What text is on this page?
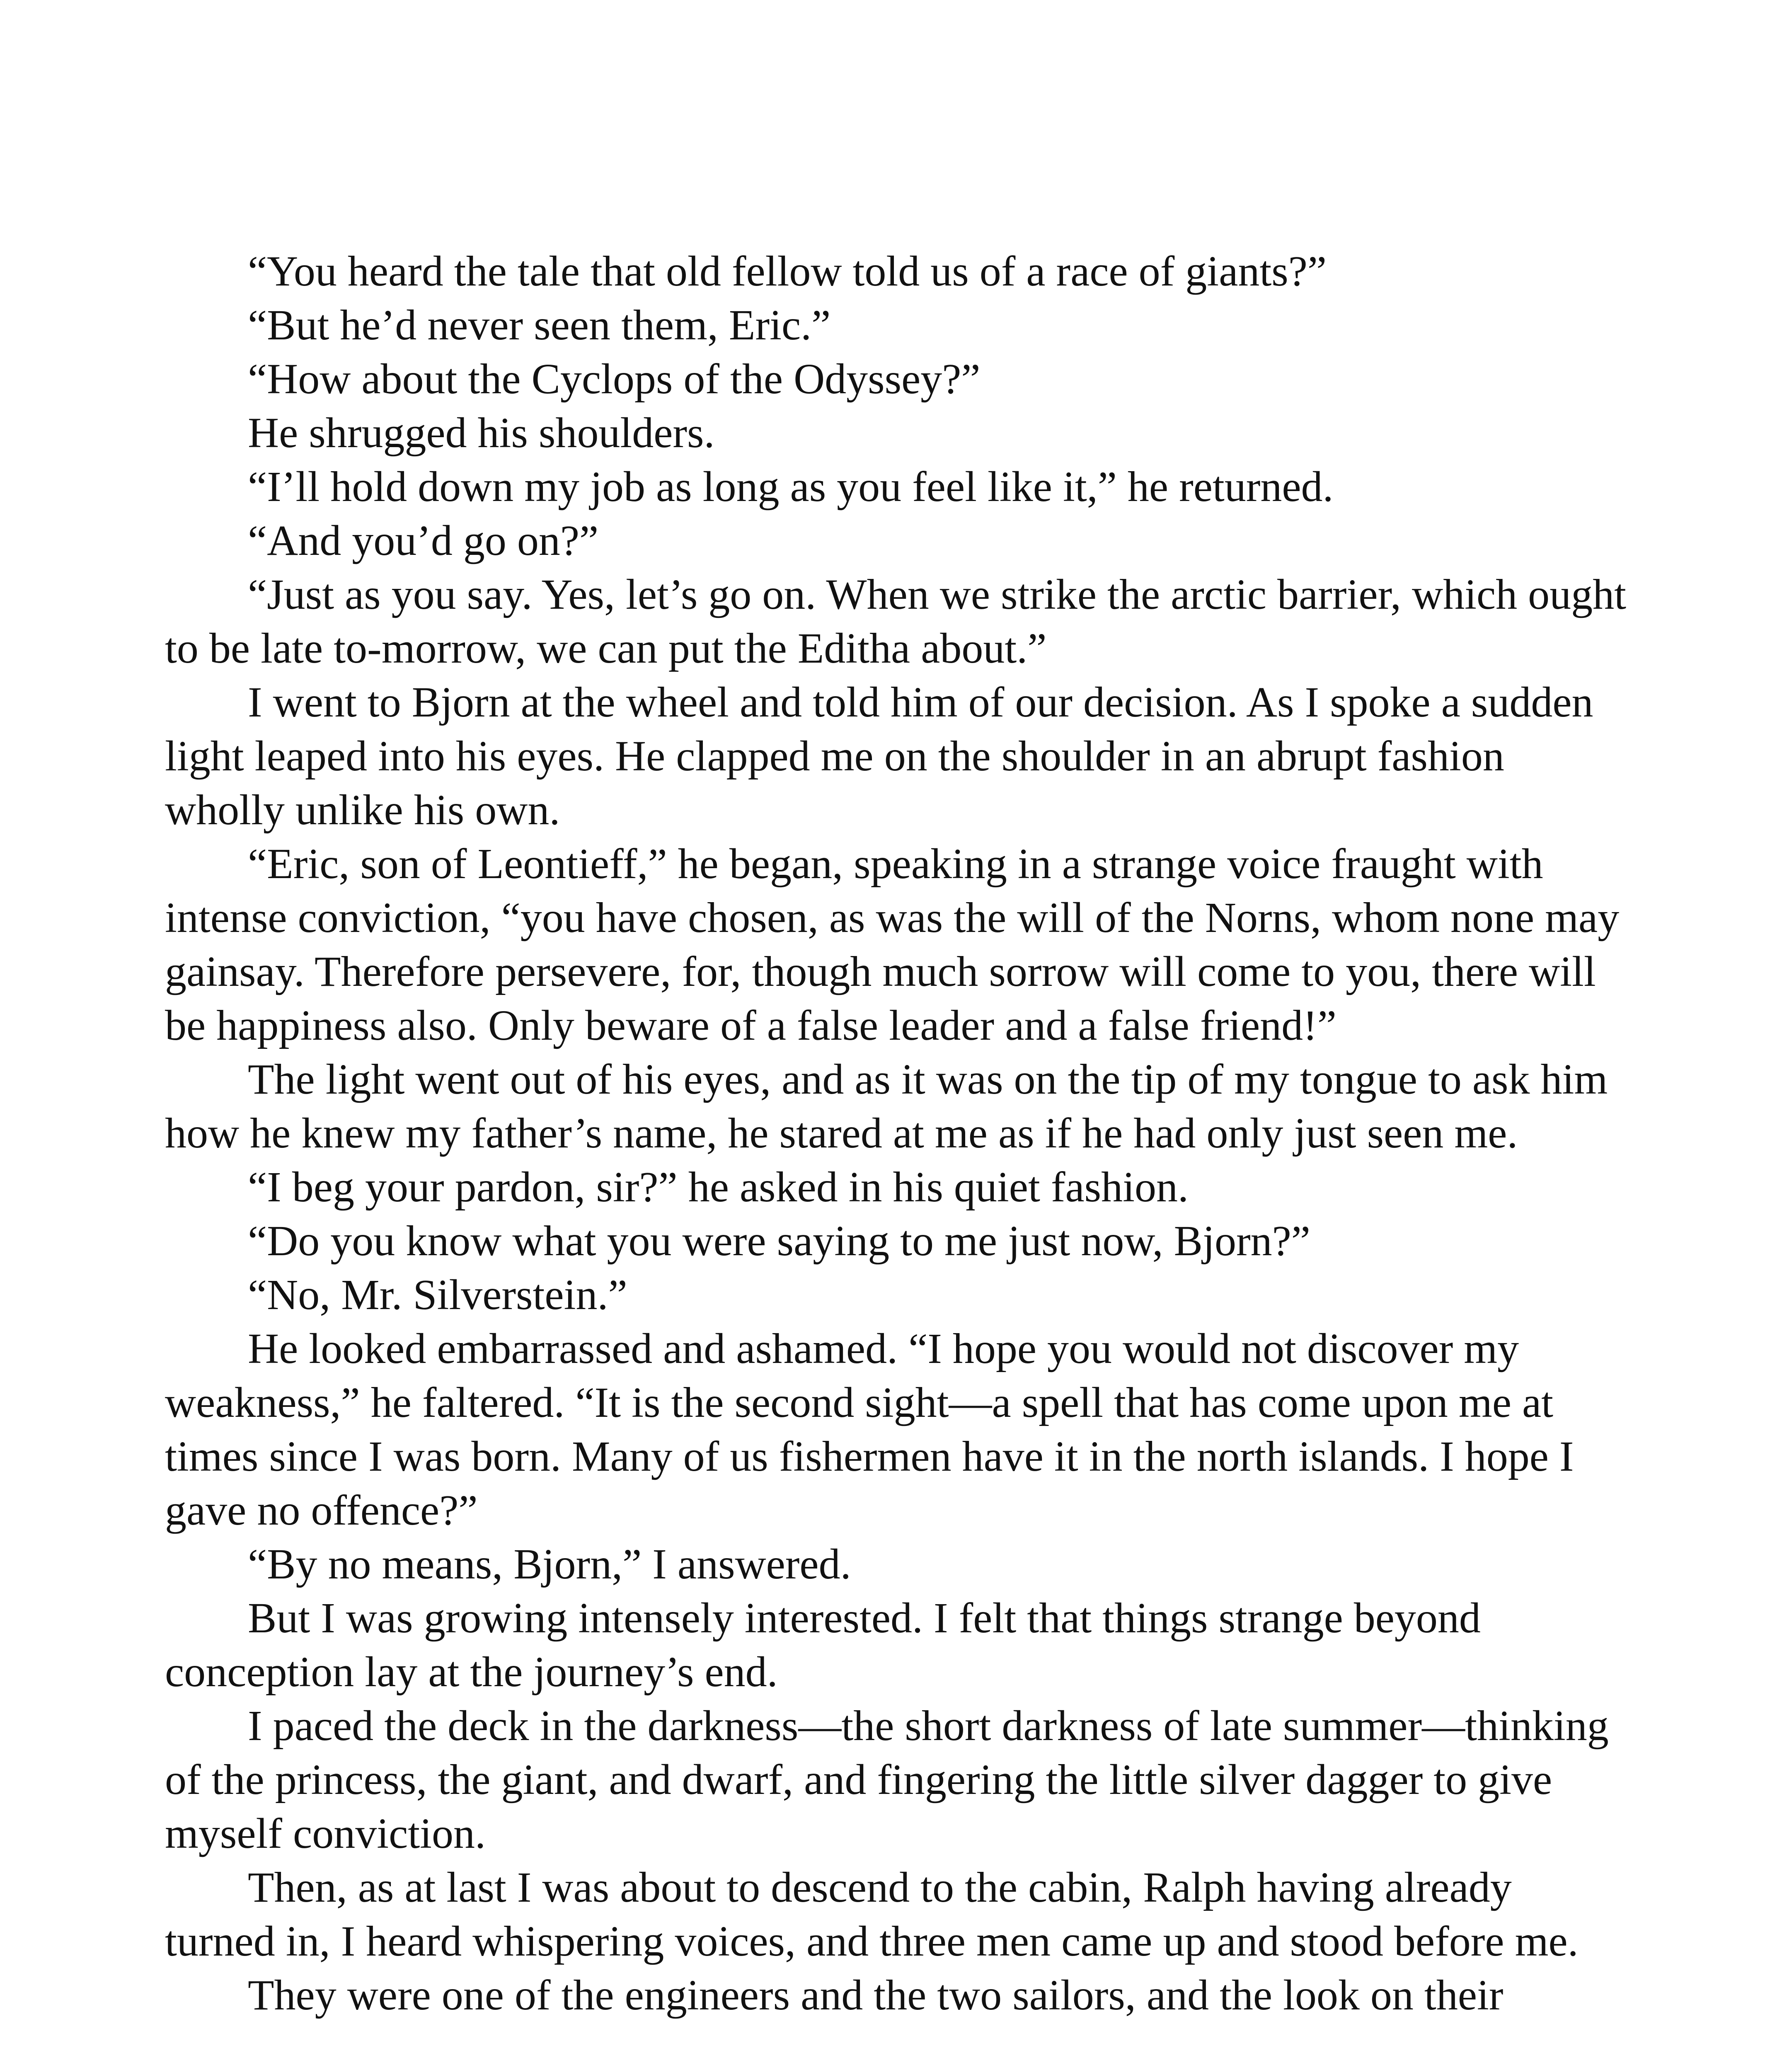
“You heard the tale that old fellow told us of a race of giants?”

“But he’d never seen them, Eric.”

“How about the Cyclops of the Odyssey?”

He shrugged his shoulders.

“I’ll hold down my job as long as you feel like it,” he returned.

“And you’d go on?”

“Just as you say. Yes, let’s go on. When we strike the arctic barrier, which ought to be late to-morrow, we can put the Editha about.”

I went to Bjorn at the wheel and told him of our decision. As I spoke a sudden light leaped into his eyes. He clapped me on the shoulder in an abrupt fashion wholly unlike his own.

“Eric, son of Leontieff,” he began, speaking in a strange voice fraught with intense conviction, “you have chosen, as was the will of the Norns, whom none may gainsay. Therefore persevere, for, though much sorrow will come to you, there will be happiness also. Only beware of a false leader and a false friend!”

The light went out of his eyes, and as it was on the tip of my tongue to ask him how he knew my father’s name, he stared at me as if he had only just seen me.

“I beg your pardon, sir?” he asked in his quiet fashion.

“Do you know what you were saying to me just now, Bjorn?”

“No, Mr. Silverstein.”

He looked embarrassed and ashamed. “I hope you would not discover my weakness,” he faltered. “It is the second sight—a spell that has come upon me at times since I was born. Many of us fishermen have it in the north islands. I hope I gave no offence?”

“By no means, Bjorn,” I answered.

But I was growing intensely interested. I felt that things strange beyond conception lay at the journey’s end.

I paced the deck in the darkness—the short darkness of late summer—thinking of the princess, the giant, and dwarf, and fingering the little silver dagger to give myself conviction.

Then, as at last I was about to descend to the cabin, Ralph having already turned in, I heard whispering voices, and three men came up and stood before me.

They were one of the engineers and the two sailors, and the look on their
